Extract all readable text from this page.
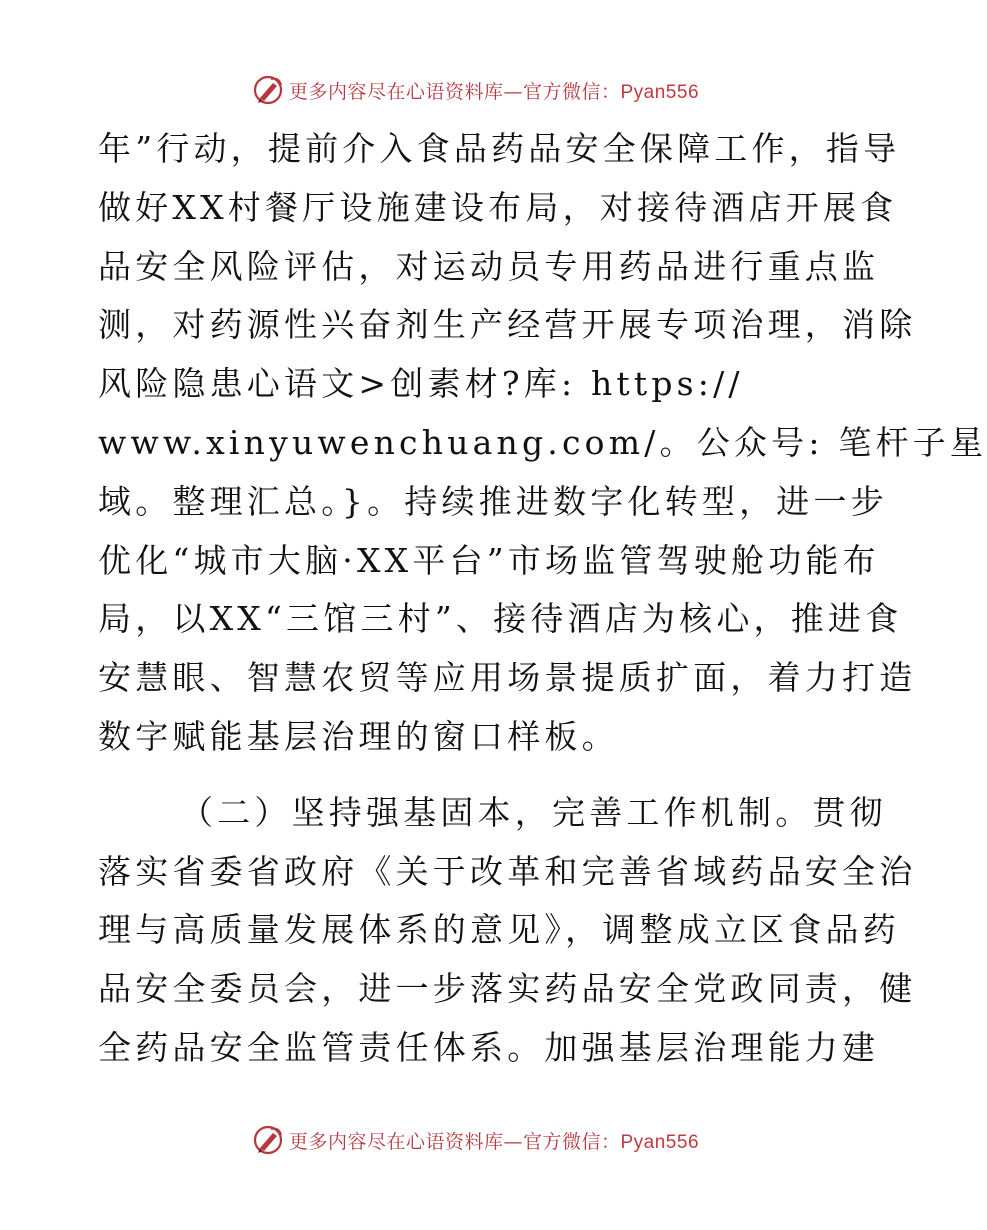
更多内容尽在心语资料库—官方微信：Pyan556
年”行动，提前介入食品药品安全保障工作，指导
做好XX村餐厅设施建设布局，对接待酒店开展食
品安全风险评估，对运动员专用药品进行重点监
测，对药源性兴奋剂生产经营开展专项治理，消除
风险隐患心语文>创素材?库: https://
www.xinyuwenchuang.com/。公众号: 笔杆子星
域。整理汇总。}。持续推进数字化转型，进一步
优化“城市大脑·XX平台”市场监管驾驶舱功能布
局，以XX“三馆三村”、接待酒店为核心，推进食
安慧眼、智慧农贸等应用场景提质扩面，着力打造
数字赋能基层治理的窗口样板。
（二）坚持强基固本，完善工作机制。贯彻
落实省委省政府《关于改革和完善省域药品安全治
理与高质量发展体系的意见》，调整成立区食品药
品安全委员会，进一步落实药品安全党政同责，健
全药品安全监管责任体系。加强基层治理能力建
更多内容尽在心语资料库—官方微信：Pyan556
